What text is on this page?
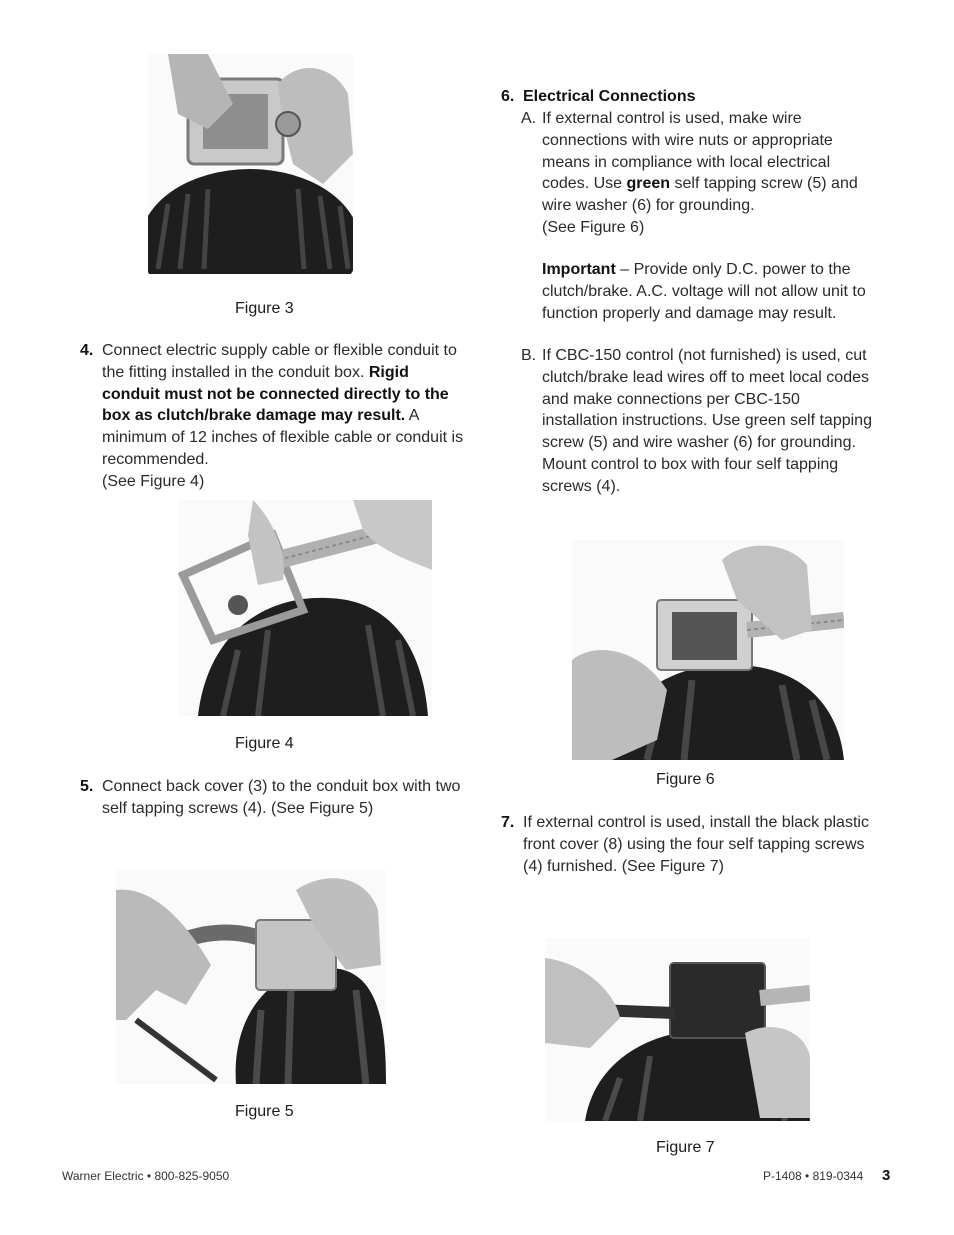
Figure 3
4. Connect electric supply cable or flexible conduit to the fitting installed in the conduit box. Rigid conduit must not be connected directly to the box as clutch/brake damage may result. A minimum of 12 inches of flexible cable or conduit is recommended.
(See Figure 4)
Figure 4
5. Connect back cover (3) to the conduit box with two self tapping screws (4). (See Figure 5)
Figure 5
6. Electrical Connections
A. If external control is used, make wire connections with wire nuts or appropriate means in compliance with local electrical codes. Use green self tapping screw (5) and wire washer (6) for grounding.
(See Figure 6)
Important – Provide only D.C. power to the clutch/brake. A.C. voltage will not allow unit to function properly and damage may result.
B. If CBC-150 control (not furnished) is used, cut clutch/brake lead wires off to meet local codes and make connections per CBC-150 installation instructions. Use green self tapping screw (5) and wire washer (6) for grounding. Mount control to box with four self tapping screws (4).
Figure 6
7. If external control is used, install the black plastic front cover (8) using the four self tapping screws (4) furnished. (See Figure 7)
Figure 7
Warner Electric • 800-825-9050	P-1408 • 819-0344 3
